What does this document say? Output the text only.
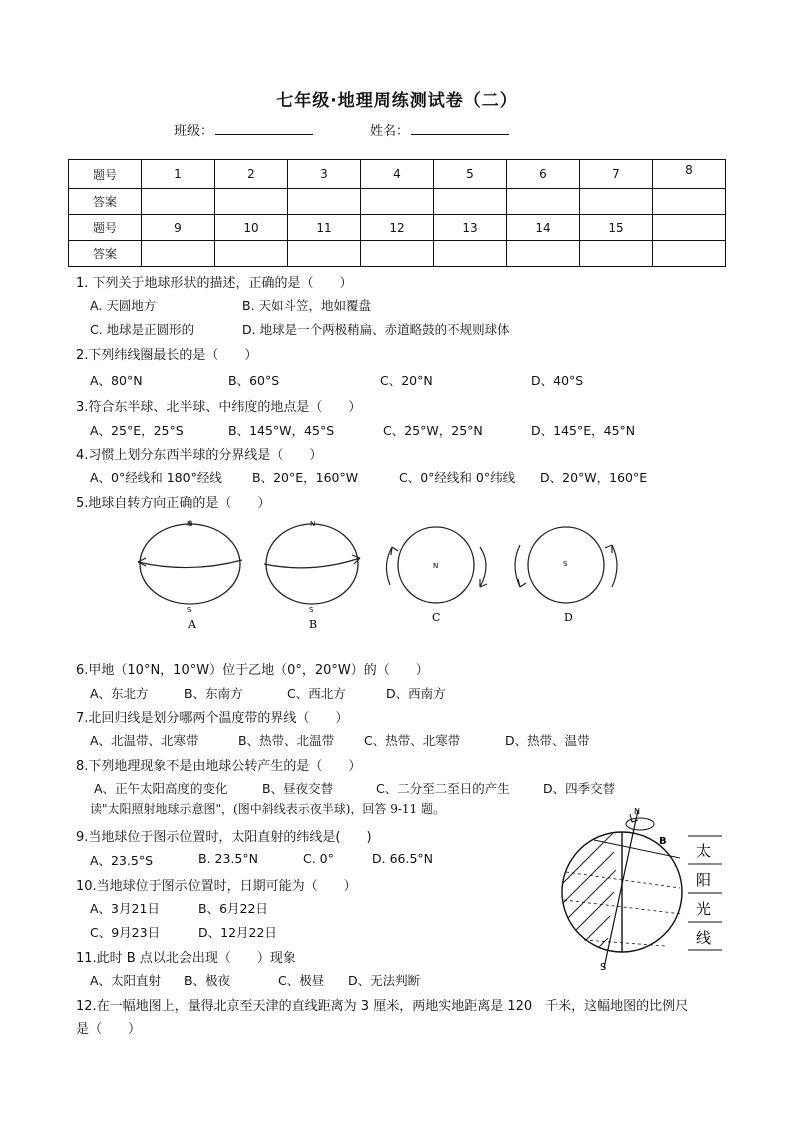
七年级·地理周练测试卷（二）
班级：	姓名：
题号	1	2	3	4	5	6	7	8
答案								
题号	9	10	11	12	13	14	15	
答案								
1. 下列关于地球形状的描述，正确的是（　　）
A. 天圆地方	B. 天如斗笠，地如覆盘
C. 地球是正圆形的	D. 地球是一个两极稍扁、赤道略鼓的不规则球体
2.下列纬线圈最长的是（　　）
A、80°N	B、60°S	C、20°N	D、40°S
3.符合东半球、北半球、中纬度的地点是（　　）
A、25°E，25°S	B、145°W，45°S	C、25°W，25°N	D、145°E，45°N
4.习惯上划分东西半球的分界线是（　　）
A、0°经线和 180°经线 B、20°E，160°W	C、0°经线和 0°纬线 D、20°W，160°E
5.地球自转方向正确的是（　　）
N
S
A
N
S
B
N
C
S
D
6.甲地（10°N，10°W）位于乙地（0°，20°W）的（　　）
A、东北方	B、东南方	C、西北方	D、西南方
7.北回归线是划分哪两个温度带的界线（　　）
A、北温带、北寒带	B、热带、北温带 C、热带、北寒带	D、热带、温带
8.下列地理现象不是由地球公转产生的是（　　）
A、正午太阳高度的变化	B、昼夜交替	C、二分至二至日的产生	D、四季交替
读"太阳照射地球示意图"，(图中斜线表示夜半球)，回答 9-11 题。
9.当地球位于图示位置时，太阳直射的纬线是(　　)
A、23.5°S	B. 23.5°N	C. 0°	D. 66.5°N
10.当地球位于图示位置时，日期可能为（　　）
A、3月21日	B、6月22日
C、9月23日	D、12月22日
11.此时 B 点以北会出现（　　）现象
A、太阳直射 B、极夜	C、极昼 D、无法判断
12.在一幅地图上，量得北京至天津的直线距离为 3 厘米，两地实地距离是 120　千米，这幅地图的比例尺
是（　　）
B
N
S
太
阳
光
线
